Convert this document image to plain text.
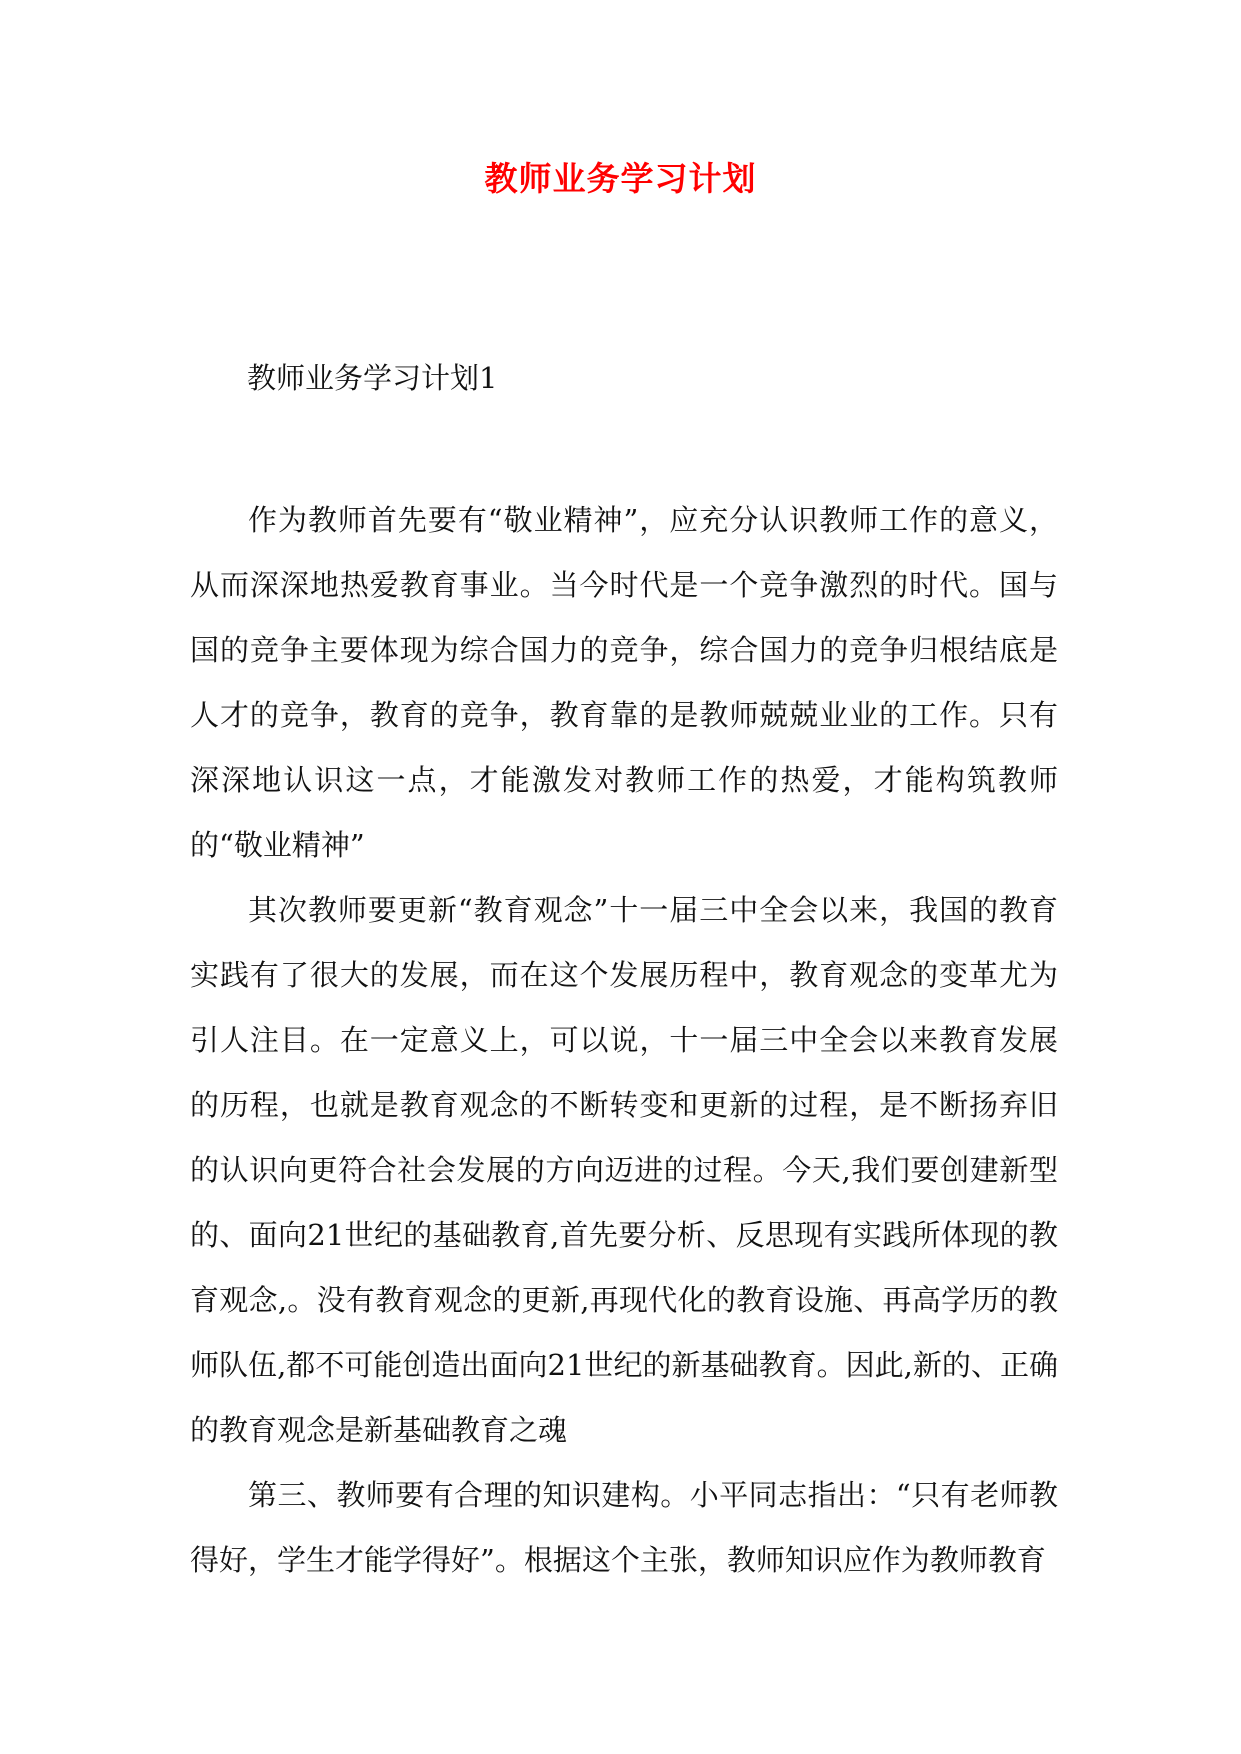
教师业务学习计划
教师业务学习计划1

作为教师首先要有“敬业精神”，应充分认识教师工作的意义，从而深深地热爱教育事业。当今时代是一个竞争激烈的时代。国与国的竞争主要体现为综合国力的竞争，综合国力的竞争归根结底是人才的竞争，教育的竞争，教育靠的是教师兢兢业业的工作。只有深深地认识这一点，才能激发对教师工作的热爱，才能构筑教师的“敬业精神”

其次教师要更新“教育观念”十一届三中全会以来，我国的教育实践有了很大的发展，而在这个发展历程中，教育观念的变革尤为引人注目。在一定意义上，可以说，十一届三中全会以来教育发展的历程，也就是教育观念的不断转变和更新的过程，是不断扬弃旧的认识向更符合社会发展的方向迈进的过程。今天,我们要创建新型的、面向21世纪的基础教育,首先要分析、反思现有实践所体现的教育观念,。没有教育观念的更新,再现代化的教育设施、再高学历的教师队伍,都不可能创造出面向21世纪的新基础教育。因此,新的、正确的教育观念是新基础教育之魂

第三、教师要有合理的知识建构。小平同志指出：“只有老师教得好，学生才能学得好”。根据这个主张，教师知识应作为教师教育
